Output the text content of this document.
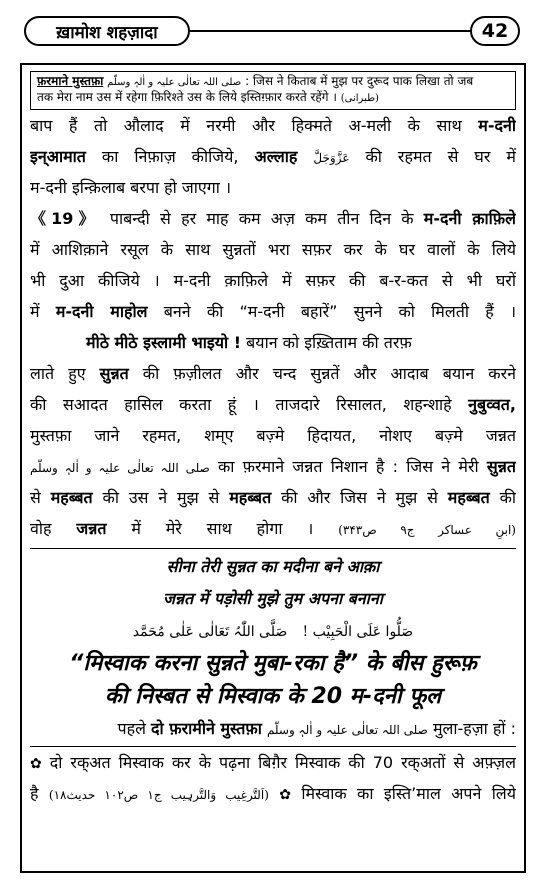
ख़ामोश शहज़ादा	42
फ़रमाने मुस्तफ़ा صلی اللہ تعالٰی علیہ و اٰلہٖ وسلّم : जिस ने किताब में मुझ पर दुरूद पाक लिखा तो जब
तक मेरा नाम उस में रहेगा फ़िरिश्ते उस के लिये इस्तिग़्फ़ार करते रहेंगे । (طبرانی)
बाप हैं तो औलाद में नरमी और हिक्मते अ-मली के साथ म-दनी
इन्आमात का निफ़ाज़ कीजिये, अल्लाह عَزَّوَجَلَّ की रहमत से घर में
म-दनी इन्क़िलाब बरपा हो जाएगा ।
《19》 पाबन्दी से हर माह कम अज़ कम तीन दिन के म-दनी क़ाफ़िले
में आशिक़ाने रसूल के साथ सुन्नतों भरा सफ़र कर के घर वालों के लिये
भी दुआ कीजिये । म-दनी क़ाफ़िले में सफ़र की ब-र-कत से भी घरों
में म-दनी माहोल बनने की “म-दनी बहारें” सुनने को मिलती हैं ।
मीठे मीठे इस्लामी भाइयो ! बयान को इख़्तिताम की तरफ़
लाते हुए सुन्नत की फ़ज़ीलत और चन्द सुन्नतें और आदाब बयान करने
की सआदत हासिल करता हूं । ताजदारे रिसालत, शहन्शाहे नुबुव्वत,
मुस्तफ़ा जाने रहमत, शम्ए बज़्मे हिदायत, नोशए बज़्मे जन्नत
صلی اللہ تعالٰی علیہ و اٰلہٖ وسلّم का फ़रमाने जन्नत निशान है : जिस ने मेरी सुन्नत
से महब्बत की उस ने मुझ से महब्बत की और जिस ने मुझ से महब्बत की
वोह जन्नत में मेरे साथ होगा । (ابنِ عساکر ج۹ ص۳۴۳)
सीना तेरी सुन्नत का मदीना बने आक़ा
जन्नत में पड़ोसी मुझे तुम अपना बनाना
صَلُّوا عَلَی الْحَبِیْب !   صَلَّی اللّٰہُ تَعَالٰی عَلٰی مُحَمَّد
“मिस्वाक करना सुन्नते मुबा-रका है” के बीस हुरूफ़
की निस्बत से मिस्वाक के 20 म-दनी फूल
पहले दो फ़रामीने मुस्तफ़ा صلی اللہ تعالٰی علیہ و اٰلہٖ وسلّم मुला-हज़ा हों :
✿ दो रक्अत मिस्वाक कर के पढ़ना बिग़ैर मिस्वाक की 70 रक्अतों से अफ़्ज़ल
है (اَلتَّرغِیب وَالتَّرہِیب ج۱ ص۱۰۲ حدیث۱۸) ✿ मिस्वाक का इस्ति’माल अपने लिये
